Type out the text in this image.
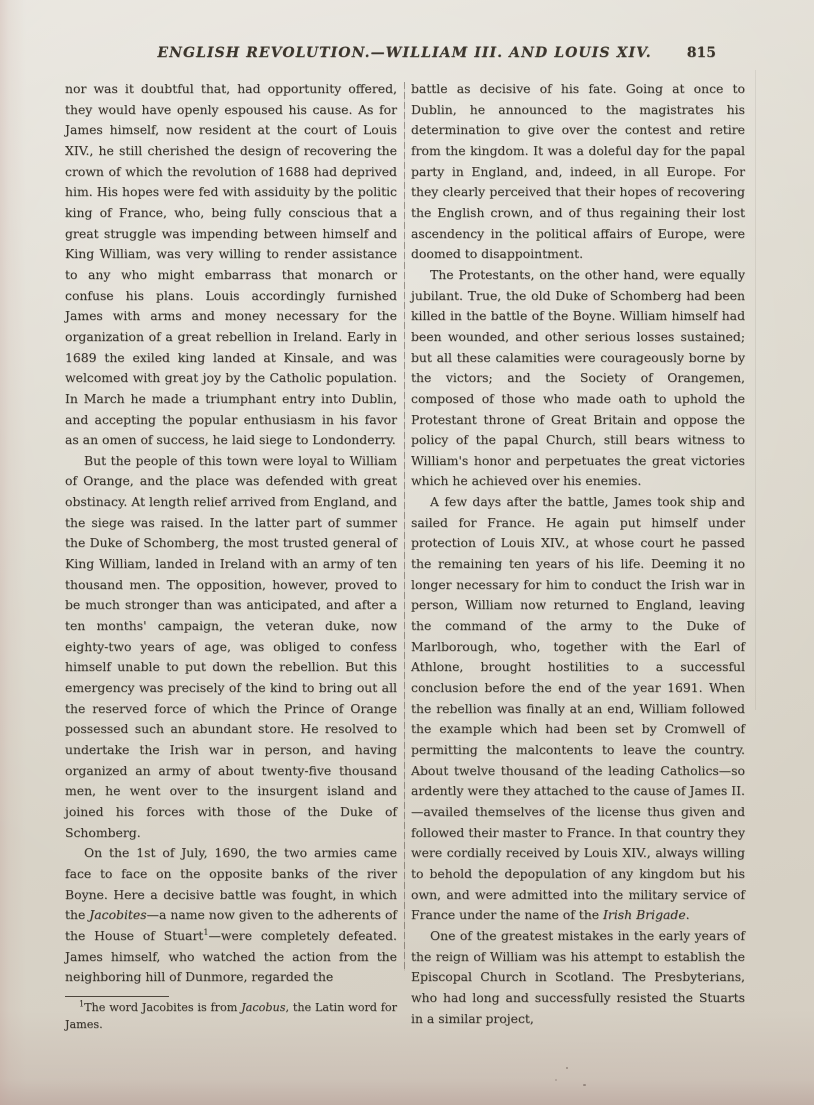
ENGLISH REVOLUTION.—WILLIAM III. AND LOUIS XIV.	815

nor was it doubtful that, had opportunity offered, they would have openly espoused his cause. As for James himself, now resident at the court of Louis XIV., he still cherished the design of recovering the crown of which the revolution of 1688 had deprived him. His hopes were fed with assiduity by the politic king of France, who, being fully conscious that a great struggle was impending between himself and King William, was very willing to render assistance to any who might embarrass that monarch or confuse his plans. Louis accordingly furnished James with arms and money necessary for the organization of a great rebellion in Ireland. Early in 1689 the exiled king landed at Kinsale, and was welcomed with great joy by the Catholic population. In March he made a triumphant entry into Dublin, and accepting the popular enthusiasm in his favor as an omen of success, he laid siege to Londonderry.

But the people of this town were loyal to William of Orange, and the place was defended with great obstinacy. At length relief arrived from England, and the siege was raised. In the latter part of summer the Duke of Schomberg, the most trusted general of King William, landed in Ireland with an army of ten thousand men. The opposition, however, proved to be much stronger than was anticipated, and after a ten months' campaign, the veteran duke, now eighty-two years of age, was obliged to confess himself unable to put down the rebellion. But this emergency was precisely of the kind to bring out all the reserved force of which the Prince of Orange possessed such an abundant store. He resolved to undertake the Irish war in person, and having organized an army of about twenty-five thousand men, he went over to the insurgent island and joined his forces with those of the Duke of Schomberg.

On the 1st of July, 1690, the two armies came face to face on the opposite banks of the river Boyne. Here a decisive battle was fought, in which the Jacobites—a name now given to the adherents of the House of Stuart$^1$—were completely defeated. James himself, who watched the action from the neighboring hill of Dunmore, regarded the

$^1$The word Jacobites is from Jacobus, the Latin word for James.

battle as decisive of his fate. Going at once to Dublin, he announced to the magistrates his determination to give over the contest and retire from the kingdom. It was a doleful day for the papal party in England, and, indeed, in all Europe. For they clearly perceived that their hopes of recovering the English crown, and of thus regaining their lost ascendency in the political affairs of Europe, were doomed to disappointment.

The Protestants, on the other hand, were equally jubilant. True, the old Duke of Schomberg had been killed in the battle of the Boyne. William himself had been wounded, and other serious losses sustained; but all these calamities were courageously borne by the victors; and the Society of Orangemen, composed of those who made oath to uphold the Protestant throne of Great Britain and oppose the policy of the papal Church, still bears witness to William's honor and perpetuates the great victories which he achieved over his enemies.

A few days after the battle, James took ship and sailed for France. He again put himself under protection of Louis XIV., at whose court he passed the remaining ten years of his life. Deeming it no longer necessary for him to conduct the Irish war in person, William now returned to England, leaving the command of the army to the Duke of Marlborough, who, together with the Earl of Athlone, brought hostilities to a successful conclusion before the end of the year 1691. When the rebellion was finally at an end, William followed the example which had been set by Cromwell of permitting the malcontents to leave the country. About twelve thousand of the leading Catholics—so ardently were they attached to the cause of James II.—availed themselves of the license thus given and followed their master to France. In that country they were cordially received by Louis XIV., always willing to behold the depopulation of any kingdom but his own, and were admitted into the military service of France under the name of the Irish Brigade.

One of the greatest mistakes in the early years of the reign of William was his attempt to establish the Episcopal Church in Scotland. The Presbyterians, who had long and successfully resisted the Stuarts in a similar project,
